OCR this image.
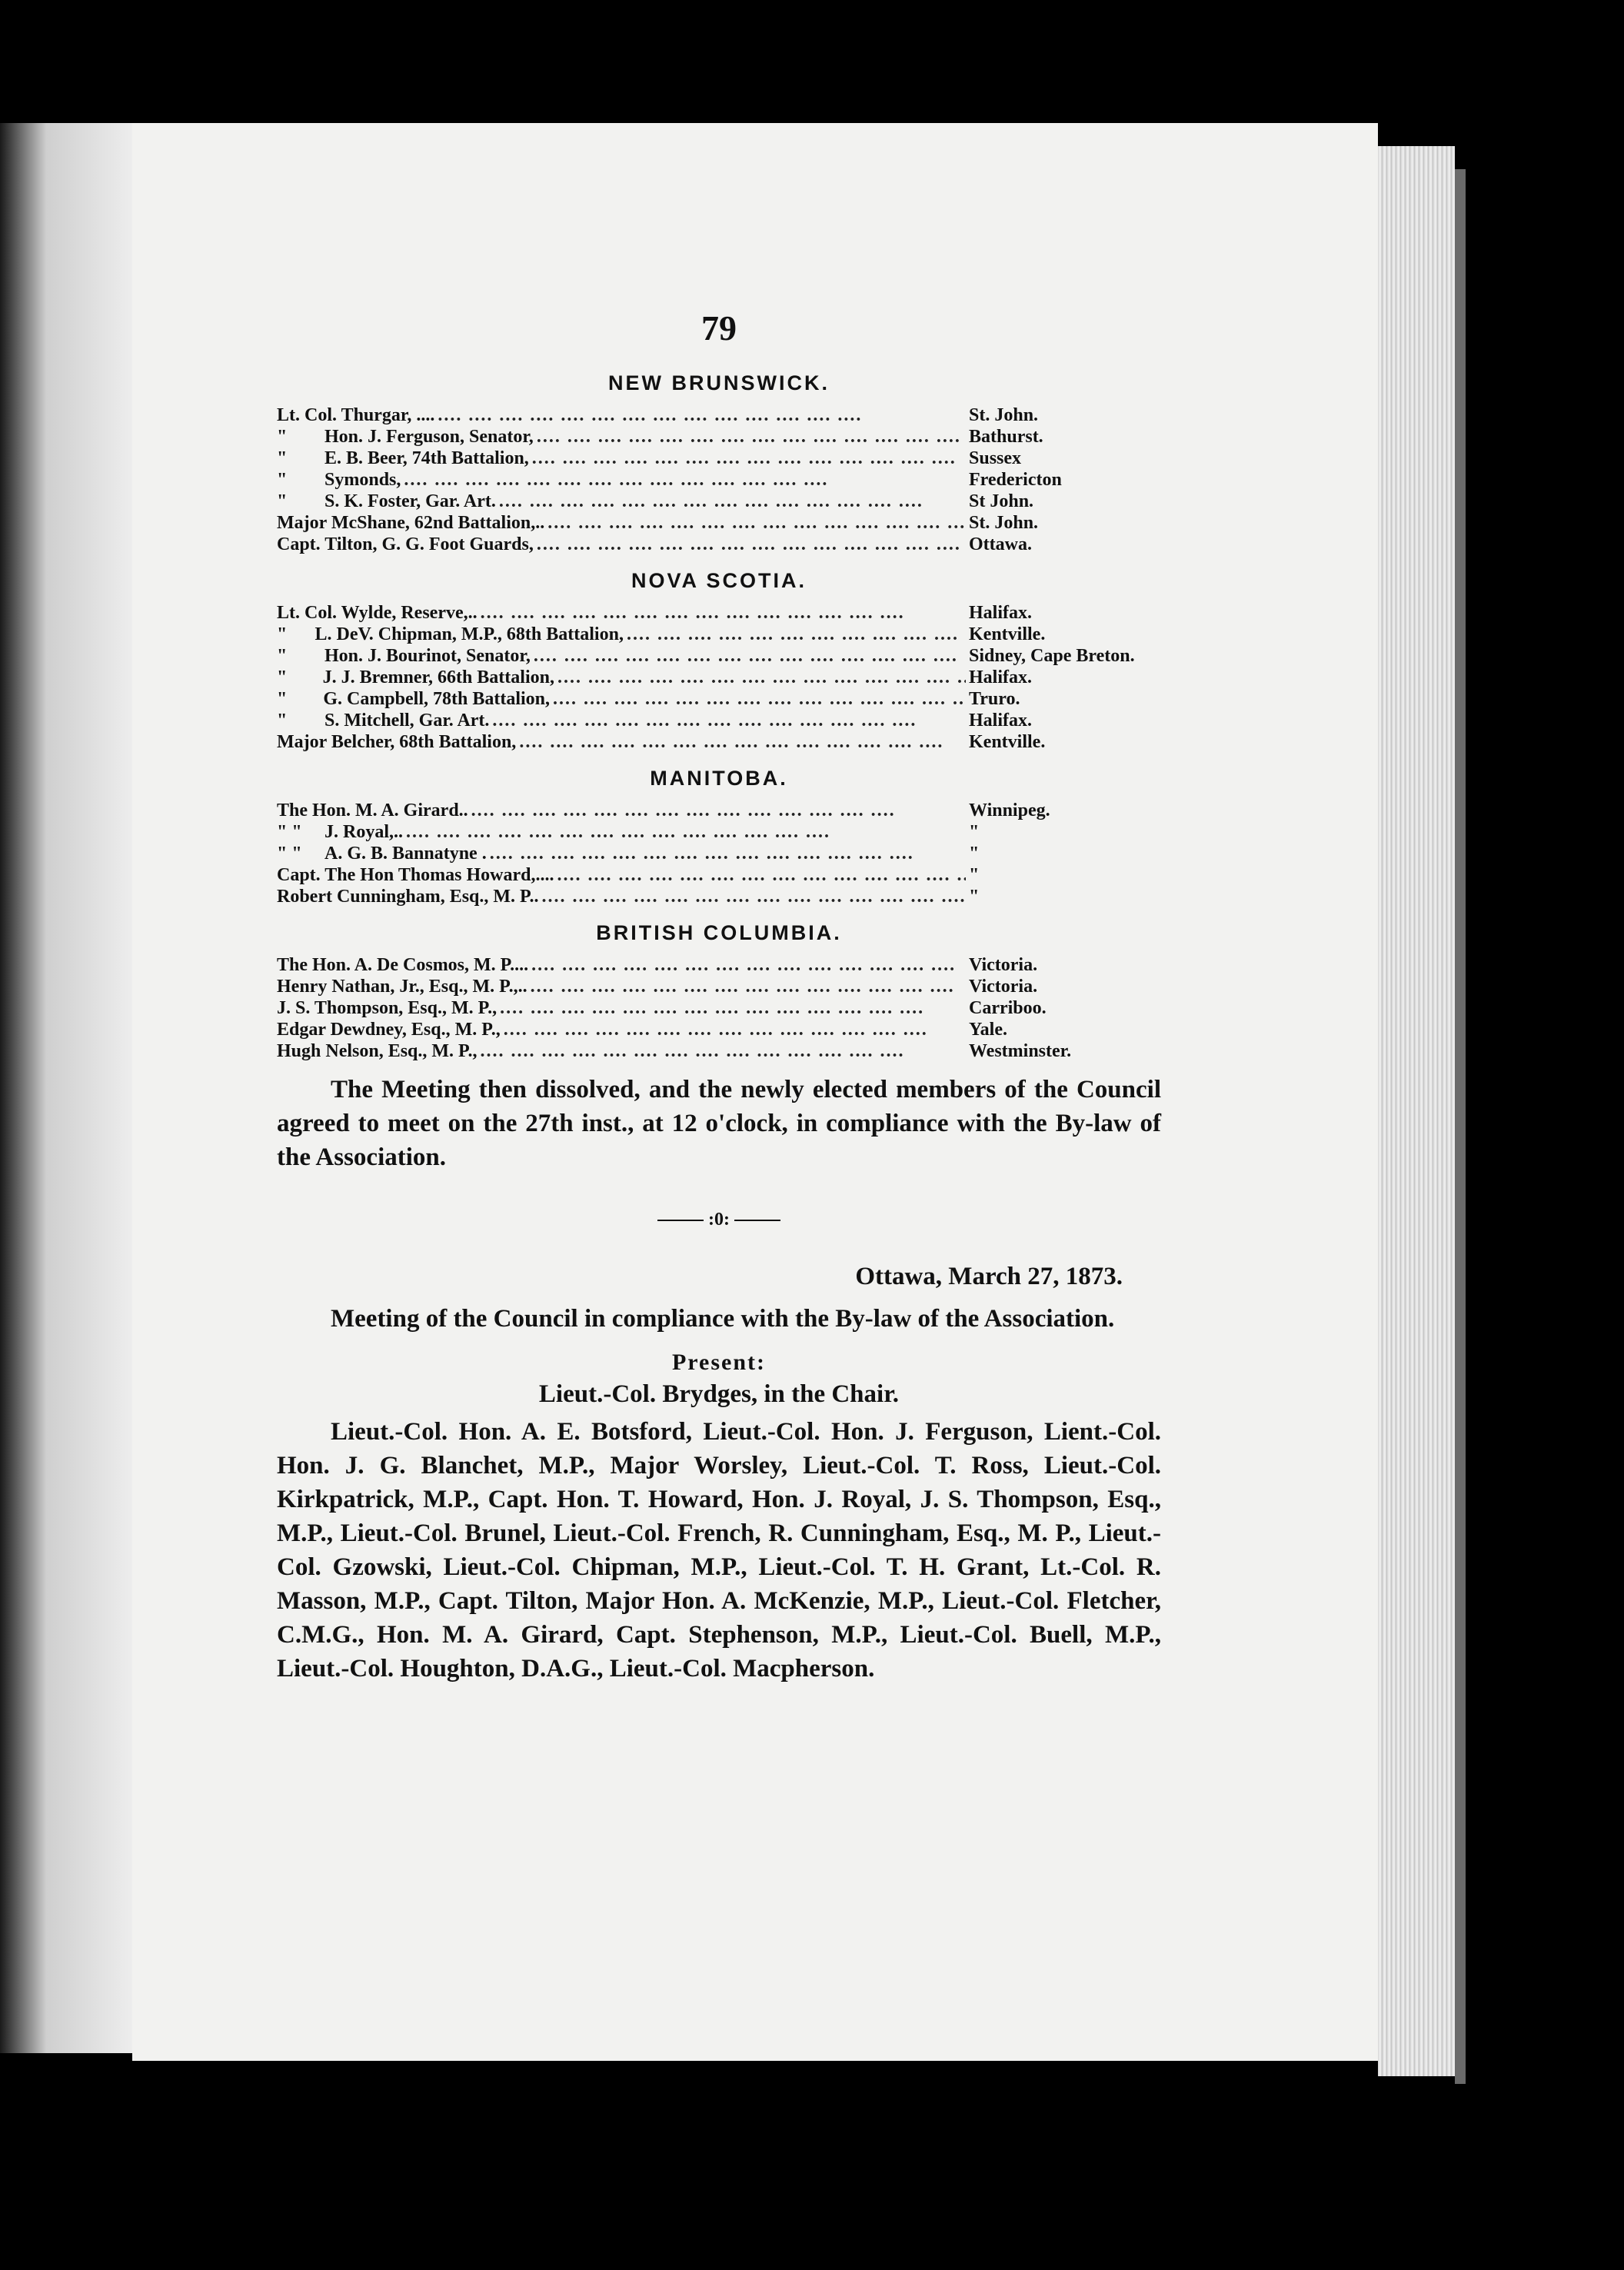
79
NEW BRUNSWICK.
Lt. Col. Thurgar, .... ....	St. John.
"	Hon. J. Ferguson, Senator, ....	Bathurst.
"	E. B. Beer, 74th Battalion, ....	Sussex
"	Symonds, ....	Fredericton
"	S. K. Foster, Gar. Art. ....	St John.
Major McShane, 62nd Battalion,.. ....	St. John.
Capt. Tilton, G. G. Foot Guards, ....	Ottawa.
NOVA SCOTIA.
Lt. Col. Wylde, Reserve,.. ....	Halifax.
"	L. DeV. Chipman, M.P., 68th Battalion, ....	Kentville.
"	Hon. J. Bourinot, Senator, ....	Sidney, Cape Breton.
"	J. J. Bremner, 66th Battalion, ....	Halifax.
"	G. Campbell, 78th Battalion, ....	Truro.
"	S. Mitchell, Gar. Art. ....	Halifax.
Major Belcher, 68th Battalion, ....	Kentville.
MANITOBA.
The Hon. M. A. Girard.. ....	Winnipeg.
" "	J. Royal,.. ....	"
" "	A. G. B. Bannatyne . ....	"
Capt. The Hon Thomas Howard,.... ....	"
Robert Cunningham, Esq., M. P.. ....	"
BRITISH COLUMBIA.
The Hon. A. De Cosmos, M. P.... ....	Victoria.
Henry Nathan, Jr., Esq., M. P.,.. ....	Victoria.
J. S. Thompson, Esq., M. P., ....	Carriboo.
Edgar Dewdney, Esq., M. P., ....	Yale.
Hugh Nelson, Esq., M. P., ....	Westminster.
The Meeting then dissolved, and the newly elected members of the Council agreed to meet on the 27th inst., at 12 o'clock, in compliance with the By-law of the Association.
:0:
Ottawa, March 27, 1873.
Meeting of the Council in compliance with the By-law of the Association.
Present:
Lieut.-Col. Brydges, in the Chair.
Lieut.-Col. Hon. A. E. Botsford, Lieut.-Col. Hon. J. Ferguson, Lient.-Col. Hon. J. G. Blanchet, M.P., Major Worsley, Lieut.-Col. T. Ross, Lieut.-Col. Kirkpatrick, M.P., Capt. Hon. T. Howard, Hon. J. Royal, J. S. Thompson, Esq., M.P., Lieut.-Col. Brunel, Lieut.-Col. French, R. Cunningham, Esq., M. P., Lieut.-Col. Gzowski, Lieut.-Col. Chipman, M.P., Lieut.-Col. T. H. Grant, Lt.-Col. R. Masson, M.P., Capt. Tilton, Major Hon. A. McKenzie, M.P., Lieut.-Col. Fletcher, C.M.G., Hon. M. A. Girard, Capt. Stephenson, M.P., Lieut.-Col. Buell, M.P., Lieut.-Col. Houghton, D.A.G., Lieut.-Col. Macpherson.
